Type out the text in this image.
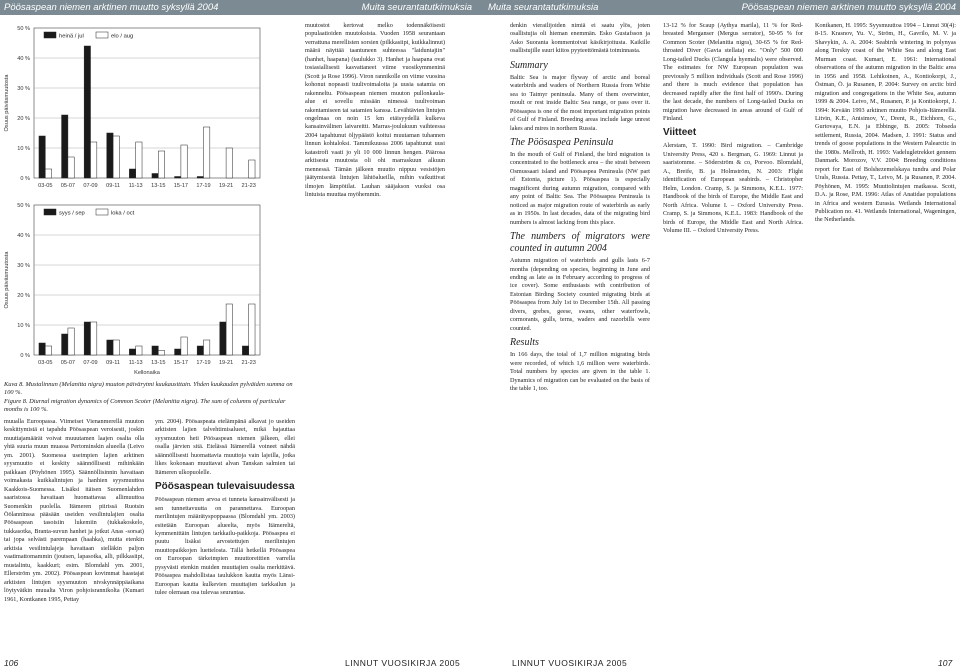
Pöösaspean niemen arktinen muutto syksyllä 2004	Muita seurantatutkimuksia	Muita seurantatutkimuksia	Pöösaspean niemen arktinen muutto syksyllä 2004
0 %
10 %
20 %
30 %
40 %
50 %
Osuus päiväsmuutosta
03-05 05-07 07-09 09-11 11-13 13-15 15-17 17-19 19-21 21-23
heinä / jul	elo / aug
0 %
10 %
20 %
30 %
40 %
50 %
Osuus päiväsmuutosta
03-05 05-07 07-09 09-11 11-13 13-15 15-17 17-19 19-21 21-23
syys / sep	loka / oct
Kellonaika
Kuva 8. Mustalinnun (Melanitta nigra) muuton päivärytmi kuukausittain. Yhden kuukauden pylväiden summa on 100 %.
Figure 8. Diurnal migration dynamics of Common Scoter (Melanitta nigra). The sum of columns of particular months is 100 %.

muualla Euroopassa. Viimeiset Vienanmerellä muuton keskittymistä ei tapahdu Pöösaspean veroisesti, joskin muuttajamäärät voivat muuutamen laajen osalta olla yhtä suuria muun muassa Pertominskin alueella (Leivo ym. 2001). Suomessa useimpien lajien arktinen syysmuutto ei keskity säännöllisesti mihinkään paikkaan (Pöyhönen 1995). Säännöllisinnin havaitaan voimakasta kuikkalintujen ja hanhien syysmuuttoa Kaakkois-Suomessa. Lisäksi itäisen Suomenlahden saaristossa havaitaan huomattavaa allimuuttoa Suomenkin puolella. Itämeren piirissä Ruotsin Öölanninssa pääsään useiden vesilintulajien osalta Pöösaspean tasoisiin lukemiin (tukkakoskelo, tukkasotka, Branta-suvun hanhet ja jotkut Anas -sorsat) tai jopa selvästi parempaan (haahka), mutta etenkin arktisia vesilintulajeja havaitaan sielläkin paljon vaatimattomammin (joutsen, lapasotka, alli, pilkkasiipi, mustalintu, kaakkuri; esim. Blomdahl ym. 2001, Ellerström ym. 2002). Pöösaspean kovimmat haastajat arktisten lintujen syysmuuton nivskynnäppäaikana löytyvätkin muualta Viron pohjoisrannikolta (Kumari 1961, Kontkanen 1995, Pettay

ym. 2004). Pöösaspeata etelämpänä alkavat jo useiden arktisten lajien talvehtimisalueet, mikä hajauttaa syysmuuton heti Pöösaspean niemen jälkeen, ellei osalla järvien sitä. Etelässä Itämerellä voineet nähdä säännöllisesti huomattavia muuttoja vain lajeilla, jotka likes kokonaan muuttavat alvan Tanskan salmien tai Itämeren ulkopuolelle.

Pöösaspean tulevaisuudessa

Pöösaspean niemen arvoa ei tunneta kansainvälisesti ja sen tunnettavuutta on parannettava. Euroopan merilintujen määrätyspoppaassa (Blomdahl ym. 2003) esitetään Euroopan alueelta, myös Itämereltä, kymmenittäin lintujen tarkkailu-paikkoja. Pöösaspea ei puutu lisäksi arvostettujen merilintujen muuttopaikkojen luettelosta. Tällä hetkellä Pöösaspea on Euroopan tärkeimpien muuttoreittien varrella pysyvästi etenkin muiden muuttajien osalta merkittävä. Pöösaspea mahdollistaa taulukkon kautta myös Länsi-Euroopan kautta kulkevien muuttajien tarkkailun ja tulee olemaan osa tulevaa seurantaa.

muutostot kertovat melko todennäköisesti populaatioiden muutoksista. Vuoden 1958 seurantaan verrattuna merellisten sorsien (pilkkasiipi, kuikkalinnut) määrä näyttää taantuneen suhteessa "laiduntajiin" (hanhet, haapana) (taulukko 3). Hanhet ja haapana ovat tosiasiallisesti kasvattaneet viime vuosikymmeninä (Scott ja Rose 1996). Viron rannikolle on viime vuosina kohonut nopeasti tuulivoimaloita ja uusia satamia on rakenneltu. Pöösaspean niemen muuton pullonkaula-alue ei sovellu missään nimessä tuulivoiman rakentamiseen tai satamien kanssa. Levähtävien lintujen ongelmaa on noin 15 km etäisyydellä kulkeva kansainvälinen laivareitti. Marras-joulukuun vaihteessa 2004 tapahtunut öljypäästö koitui muutaman tuhannen linnun kohtaloksi. Tammikuussa 2006 tapahtunut uusi katastrofi vaati jo yli 10 000 linnun hengen. Päärosa arktisesta muutosta oli ohi marraskuun alkuun mennessä. Tämän jälkeen muutto nippuu vesistöjen jäätymisestä lintujen lähtöalueilla, mihin vaikuttivat ilmojen lämpötilat. Lauhan sääjakson vuoksi osa lintuista muuttaa myöhemmin.

denkin vierailijoiden nimiä ei saatu ylös, joten osallistujia oli hieman enemmän. Esko Gustafsson ja Asko Suoranta kommentoivat käsikirjoitusta. Kaikille osallistujille suuri kiitos pyyteettömästä toiminnasta.

Summary

Baltic Sea is major flyway of arctic and boreal waterbirds and waders of Northern Russia from White sea to Taimyr peninsula. Many of them overwinter, moult or rest inside Baltic Sea range, or pass over it. Pöösaspea is one of the most important migration points of Gulf of Finland. Breeding areas include large unrest lakes and mires in northern Russia.

The Pöösaspea Peninsula

In the mouth of Gulf of Finland, the bird migration is concentrated to the bottleneck area – the strait between Osmussaari island and Pöösaspea Peninsula (NW part of Estonia, picture 1). Pöösaspea is especially magnificent during autumn migration, compared with any point of Baltic Sea. The Pöösaspea Peninsula is noticed as major migration route of waterbirds as early as in 1950s. In last decades, data of the migrating bird numbers is almost lacking from this place.

The numbers of migrators were counted in autumn 2004

Autumn migration of waterbirds and gulls lasts 6-7 months (depending on species, beginning in June and ending as late as in February according to progress of ice cover). Some enthusiasts with contribution of Estonian Birding Society counted migrating birds at Pöösaspea from July 1st to December 15th. All passing divers, grebes, geese, swans, other waterfowls, cormorants, gulls, terns, waders and razorbills were counted.

Results

In 166 days, the total of 1,7 million migrating birds were recorded, of which 1,6 million were waterbirds. Total numbers by species are given in the table 1. Dynamics of migration can be evaluated on the basis of the table 1, too.

13-12 % for Scaup (Aythya marila), 11 % for Red-breasted Merganser (Mergus serrator), 50-95 % for Common Scoter (Melanitta nigra), 30-65 % for Red-throated Diver (Gavia stellata) etc. "Only" 500 000 Long-tailed Ducks (Clangula hyemalis) were observed. The estimates for NW European population was previously 5 million individuals (Scott and Rose 1996) and there is much evidence that population has decreased rapidly after the first half of 1990's. During the last decade, the numbers of Long-tailed Ducks on migration have decreased in areas around of Gulf of Finland.

Viitteet

Alerstam, T. 1990: Bird migration. – Cambridge University Press, 420 s. Bergman, G. 1969: Linnut ja saaristomme. – Söderström & co, Porvoo. Blomdahl, A., Breife, B. ja Holmström, N. 2003: Flight identification of European seabirds. – Christopher Helm, London. Cramp, S. ja Simmons, K.E.L. 1977: Handbook of the birds of Europe, the Middle East and North Africa. Volume I. – Oxford University Press. Cramp, S. ja Simmons, K.E.L. 1983: Handbook of the birds of Europe, the Middle East and North Africa. Volume III. – Oxford University Press.

Kontkanen, H. 1995: Syysmuuttoa 1994 – Linnut 30(4): 8-15. Krasnov, Yu. V., Ström, H., Gavrilo, M. V. ja Shavykin, A. A. 2004: Seabirds wintering in polynyas along Terskiy coast of the White Sea and along East Murman coast. Kumari, E. 1961: International observations of the autumn migration in the Baltic area in 1956 and 1958. Lehikoinen, A., Kontiokorpi, J., Östman, Ö. ja Rusanen, P. 2004: Survey on arctic bird migration and congregations in the White Sea, autumn 1999 & 2004. Leivo, M., Rusanen, P. ja Kontiokorpi, J. 1994: Kevään 1993 arktinen muutto Pohjois-Itämerellä. Litvin, K.E., Anisimov, Y., Drent, R., Eichhorn, G., Gurtovaya, E.N. ja Ebbinge, B. 2005: Tobsedа settlement, Russia, 2004. Madsen, J. 1991: Status and trends of goose populations in the Western Palearctic in the 1980s. Mellroth, H. 1993: Vadelugletrekket gennem Danmark. Morozov, V.V. 2004: Breeding conditions report for East of Bolshezemelskaya tundra and Polar Urals, Russia. Pettay, T., Leivo, M. ja Rusanen, P. 2004. Pöyhönen, M. 1995: Muuttolintujen matkassa. Scott, D.A. ja Rose, P.M. 1996: Atlas of Anatidae populations in Africa and western Eurasia. Wetlands International Publication no. 41. Wetlands International, Wageningen, the Netherlands.

106	LINNUT VUOSIKIRJA 2005	LINNUT VUOSIKIRJA 2005	107
